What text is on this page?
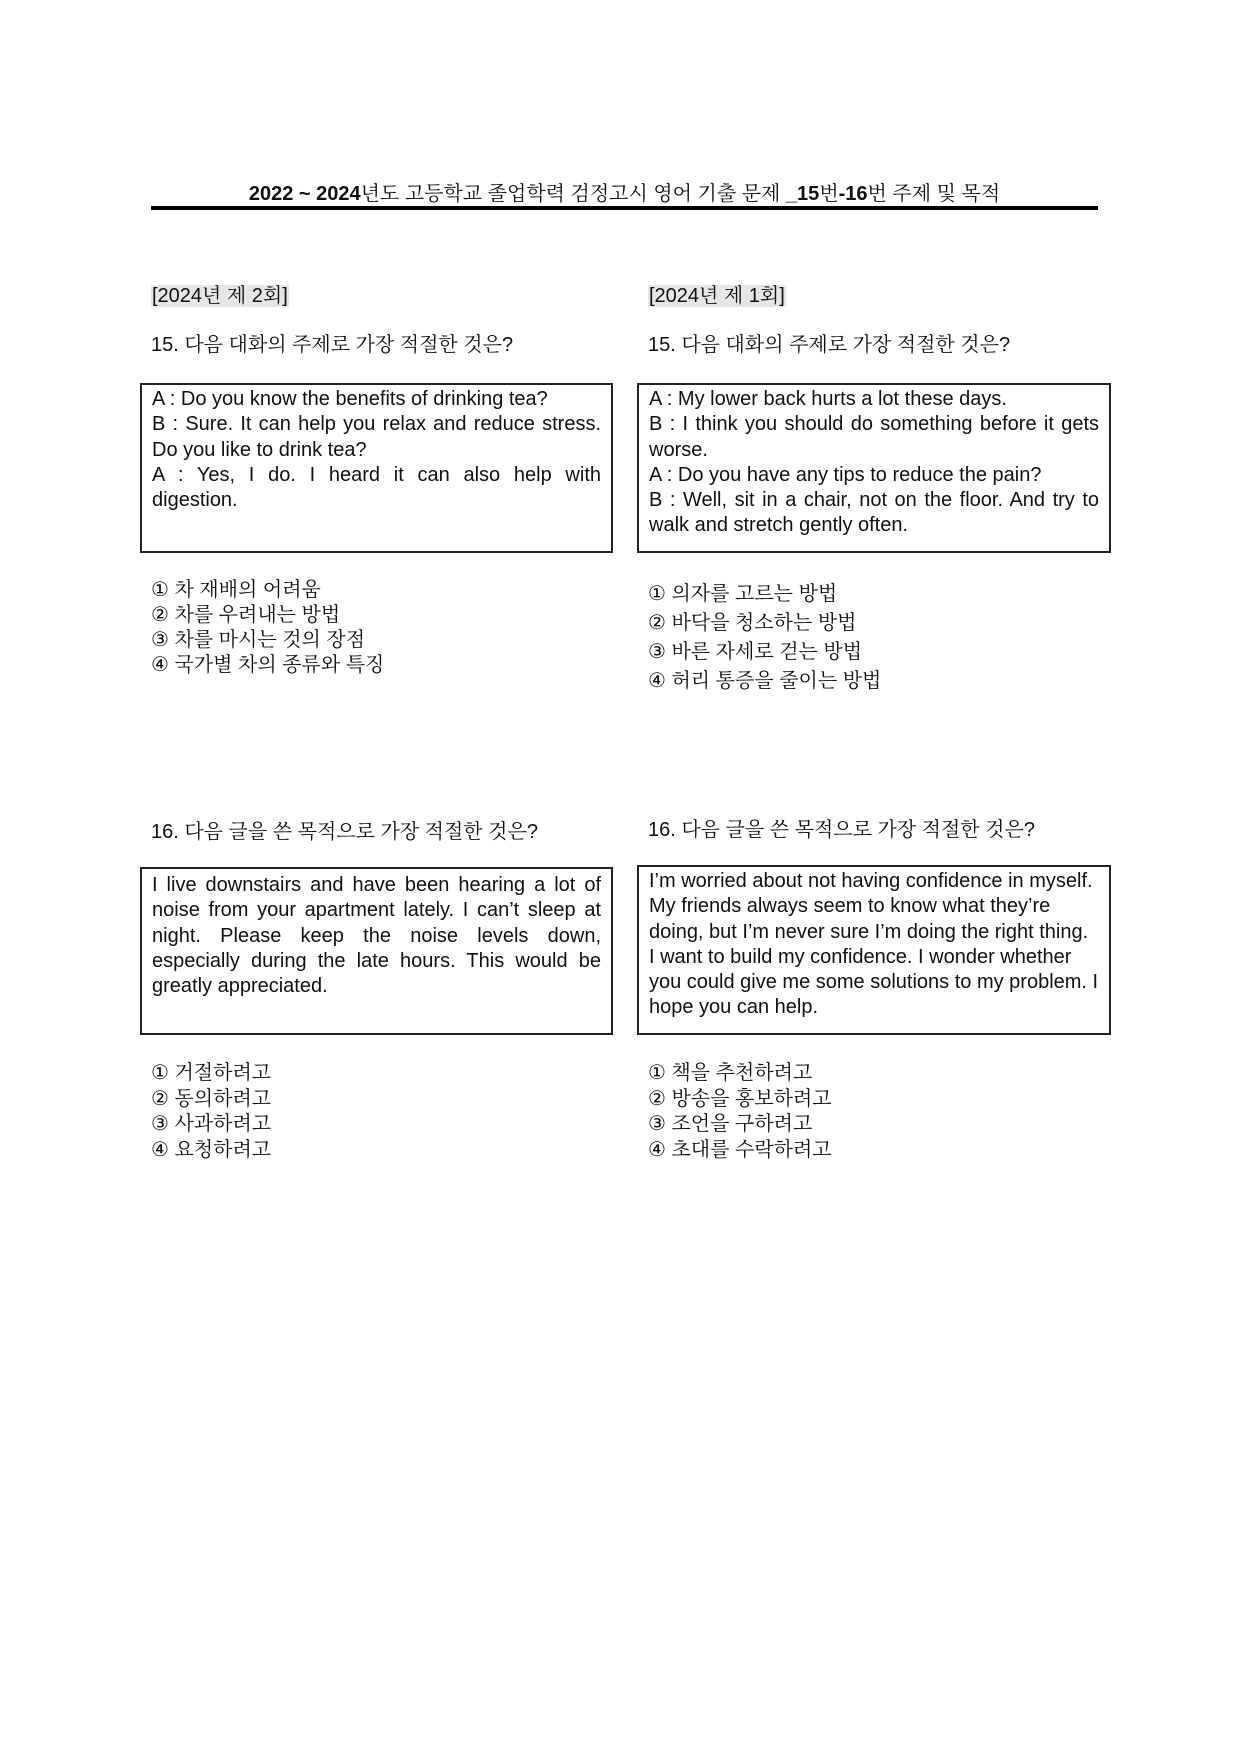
2022 ~ 2024년도 고등학교 졸업학력 검정고시 영어 기출 문제 _15번-16번 주제 및 목적
[2024년 제 2회]
15. 다음 대화의 주제로 가장 적절한 것은?

A : Do you know the benefits of drinking tea?

B : Sure. It can help you relax and reduce stress. Do you like to drink tea?

A : Yes, I do. I heard it can also help with digestion.

① 차 재배의 어려움
② 차를 우려내는 방법
③ 차를 마시는 것의 장점
④ 국가별 차의 종류와 특징
16. 다음 글을 쓴 목적으로 가장 적절한 것은?

I live downstairs and have been hearing a lot of noise from your apartment lately. I can’t sleep at night. Please keep the noise levels down, especially during the late hours. This would be greatly appreciated.

① 거절하려고
② 동의하려고
③ 사과하려고
④ 요청하려고
[2024년 제 1회]
15. 다음 대화의 주제로 가장 적절한 것은?

A : My lower back hurts a lot these days.

B : I think you should do something before it gets worse.

A : Do you have any tips to reduce the pain?

B : Well, sit in a chair, not on the floor. And try to walk and stretch gently often.

① 의자를 고르는 방법
② 바닥을 청소하는 방법
③ 바른 자세로 걷는 방법
④ 허리 통증을 줄이는 방법
16. 다음 글을 쓴 목적으로 가장 적절한 것은?

I’m worried about not having confidence in myself. My friends always seem to know what they’re doing, but I’m never sure I’m doing the right thing. I want to build my confidence. I wonder whether you could give me some solutions to my problem. I hope you can help.

① 책을 추천하려고
② 방송을 홍보하려고
③ 조언을 구하려고
④ 초대를 수락하려고
